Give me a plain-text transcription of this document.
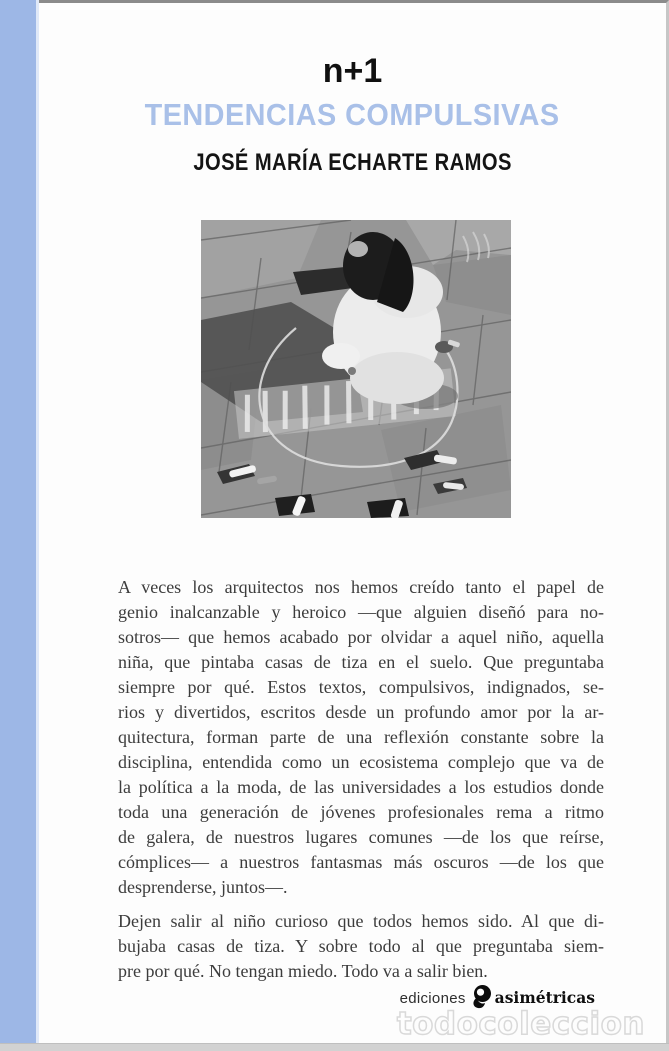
n+1
TENDENCIAS COMPULSIVAS
JOSÉ MARÍA ECHARTE RAMOS
A veces los arquitectos nos hemos creído tanto el papel de
genio inalcanzable y heroico —que alguien diseñó para no-
sotros— que hemos acabado por olvidar a aquel niño, aquella
niña, que pintaba casas de tiza en el suelo. Que preguntaba
siempre por qué. Estos textos, compulsivos, indignados, se-
rios y divertidos, escritos desde un profundo amor por la ar-
quitectura, forman parte de una reflexión constante sobre la
disciplina, entendida como un ecosistema complejo que va de
la política a la moda, de las universidades a los estudios donde
toda una generación de jóvenes profesionales rema a ritmo
de galera, de nuestros lugares comunes —de los que reírse,
cómplices— a nuestros fantasmas más oscuros —de los que
desprenderse, juntos—.
Dejen salir al niño curioso que todos hemos sido. Al que di-
bujaba casas de tiza. Y sobre todo al que preguntaba siem-
pre por qué. No tengan miedo. Todo va a salir bien.
ediciones asimétricas
todocoleccion
